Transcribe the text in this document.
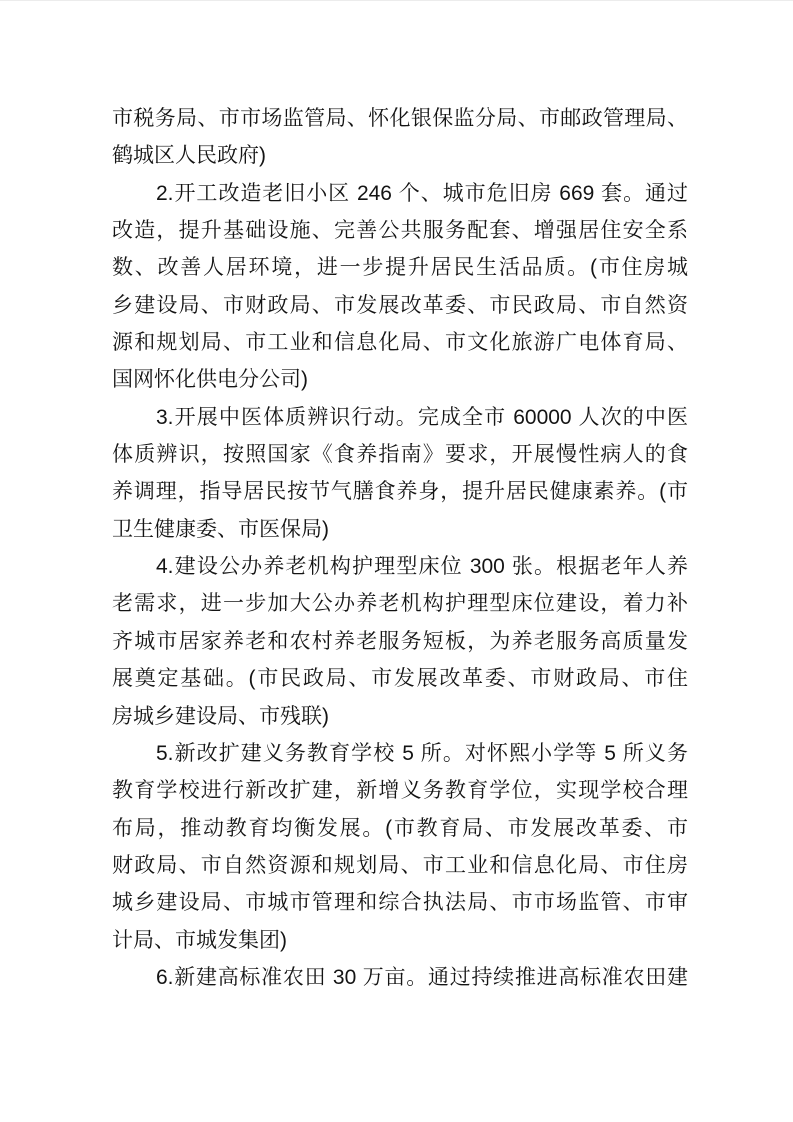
市税务局、市市场监管局、怀化银保监分局、市邮政管理局、
鹤城区人民政府)
2.开工改造老旧小区 246 个、城市危旧房 669 套。通过
改造，提升基础设施、完善公共服务配套、增强居住安全系
数、改善人居环境，进一步提升居民生活品质。(市住房城
乡建设局、市财政局、市发展改革委、市民政局、市自然资
源和规划局、市工业和信息化局、市文化旅游广电体育局、
国网怀化供电分公司)
3.开展中医体质辨识行动。完成全市 60000 人次的中医
体质辨识，按照国家《食养指南》要求，开展慢性病人的食
养调理，指导居民按节气膳食养身，提升居民健康素养。(市
卫生健康委、市医保局)
4.建设公办养老机构护理型床位 300 张。根据老年人养
老需求，进一步加大公办养老机构护理型床位建设，着力补
齐城市居家养老和农村养老服务短板，为养老服务高质量发
展奠定基础。(市民政局、市发展改革委、市财政局、市住
房城乡建设局、市残联)
5.新改扩建义务教育学校 5 所。对怀熙小学等 5 所义务
教育学校进行新改扩建，新增义务教育学位，实现学校合理
布局，推动教育均衡发展。(市教育局、市发展改革委、市
财政局、市自然资源和规划局、市工业和信息化局、市住房
城乡建设局、市城市管理和综合执法局、市市场监管、市审
计局、市城发集团)
6.新建高标准农田 30 万亩。通过持续推进高标准农田建
